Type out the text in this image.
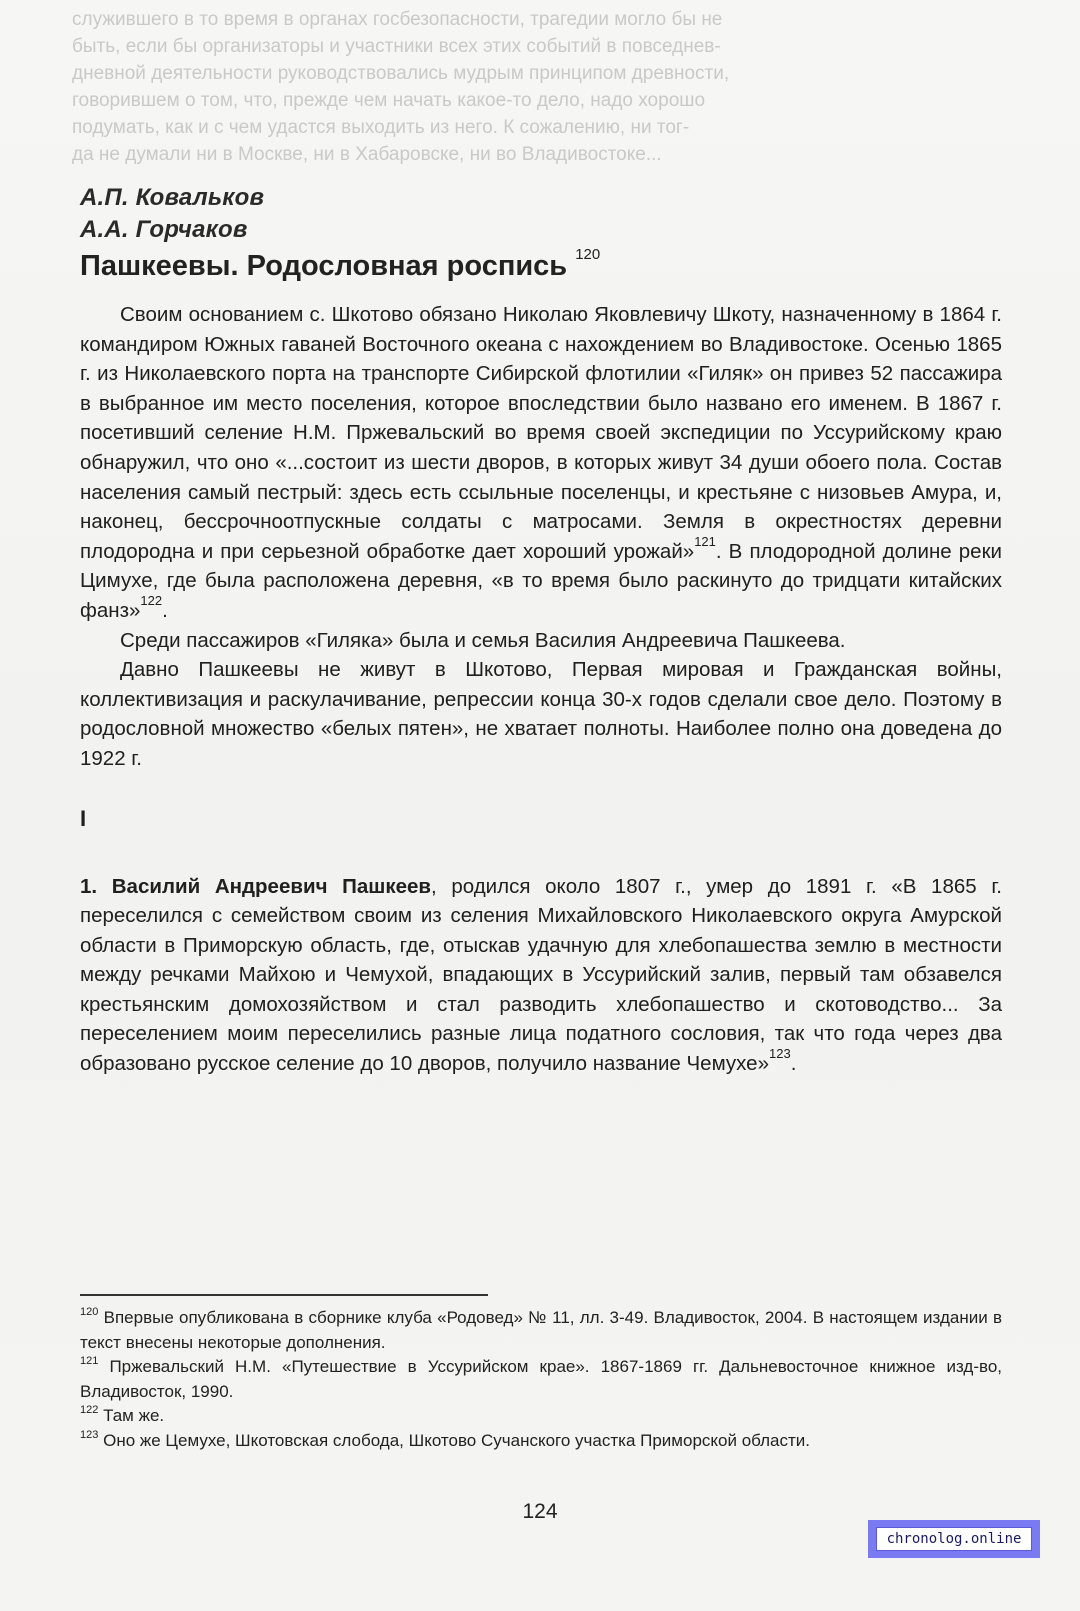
служившего в то время в органах госбезопасности, трагедии могло бы не
быть, если бы организаторы и участники всех этих событий в повседнев-
дневной деятельности руководствовались мудрым принципом древности,
говорившем о том, что, прежде чем начать какое-то дело, надо хорошо
подумать, как и с чем удастся выходить из него. К сожалению, ни тог-
да не думали ни в Москве, ни в Хабаровске, ни во Владивостоке...
А.П. Ковальков
А.А. Горчаков
Пашкеевы. Родословная роспись $^{120}$

Своим основанием с. Шкотово обязано Николаю Яковлевичу Шкоту, назначенному в 1864 г. командиром Южных гаваней Восточного океана с нахождением во Владивостоке. Осенью 1865 г. из Николаевского порта на транспорте Сибирской флотилии «Гиляк» он привез 52 пассажира в выбранное им место поселения, которое впоследствии было названо его именем. В 1867 г. посетивший селение Н.М. Пржевальский во время своей экспедиции по Уссурийскому краю обнаружил, что оно «...состоит из шести дворов, в которых живут 34 души обоего пола. Состав населения самый пестрый: здесь есть ссыльные поселенцы, и крестьяне с низовьев Амура, и, наконец, бессрочноотпускные солдаты с матросами. Земля в окрестностях деревни плодородна и при серьезной обработке дает хороший урожай»$^{121}$. В плодородной долине реки Цимухе, где была расположена деревня, «в то время было раскинуто до тридцати китайских фанз»$^{122}$.

Среди пассажиров «Гиляка» была и семья Василия Андреевича Пашкеева.

Давно Пашкеевы не живут в Шкотово, Первая мировая и Гражданская войны, коллективизация и раскулачивание, репрессии конца 30-х годов сделали свое дело. Поэтому в родословной множество «белых пятен», не хватает полноты. Наиболее полно она доведена до 1922 г.

I

1. Василий Андреевич Пашкеев, родился около 1807 г., умер до 1891 г. «В 1865 г. переселился с семейством своим из селения Михайловского Николаевского округа Амурской области в Приморскую область, где, отыскав удачную для хлебопашества землю в местности между речками Майхою и Чемухой, впадающих в Уссурийский залив, первый там обзавелся крестьянским домохозяйством и стал разводить хлебопашество и скотоводство... За переселением моим переселились разные лица податного сословия, так что года через два образовано русское селение до 10 дворов, получило название Чемухе»$^{123}$.

$^{120}$ Впервые опубликована в сборнике клуба «Родовед» № 11, лл. 3-49. Владивосток, 2004. В настоящем издании в текст внесены некоторые дополнения.

$^{121}$ Пржевальский Н.М. «Путешествие в Уссурийском крае». 1867-1869 гг. Дальневосточное книжное изд-во, Владивосток, 1990.

$^{122}$ Там же.

$^{123}$ Оно же Цемухе, Шкотовская слобода, Шкотово Сучанского участка Приморской области.

124
chronolog.online
